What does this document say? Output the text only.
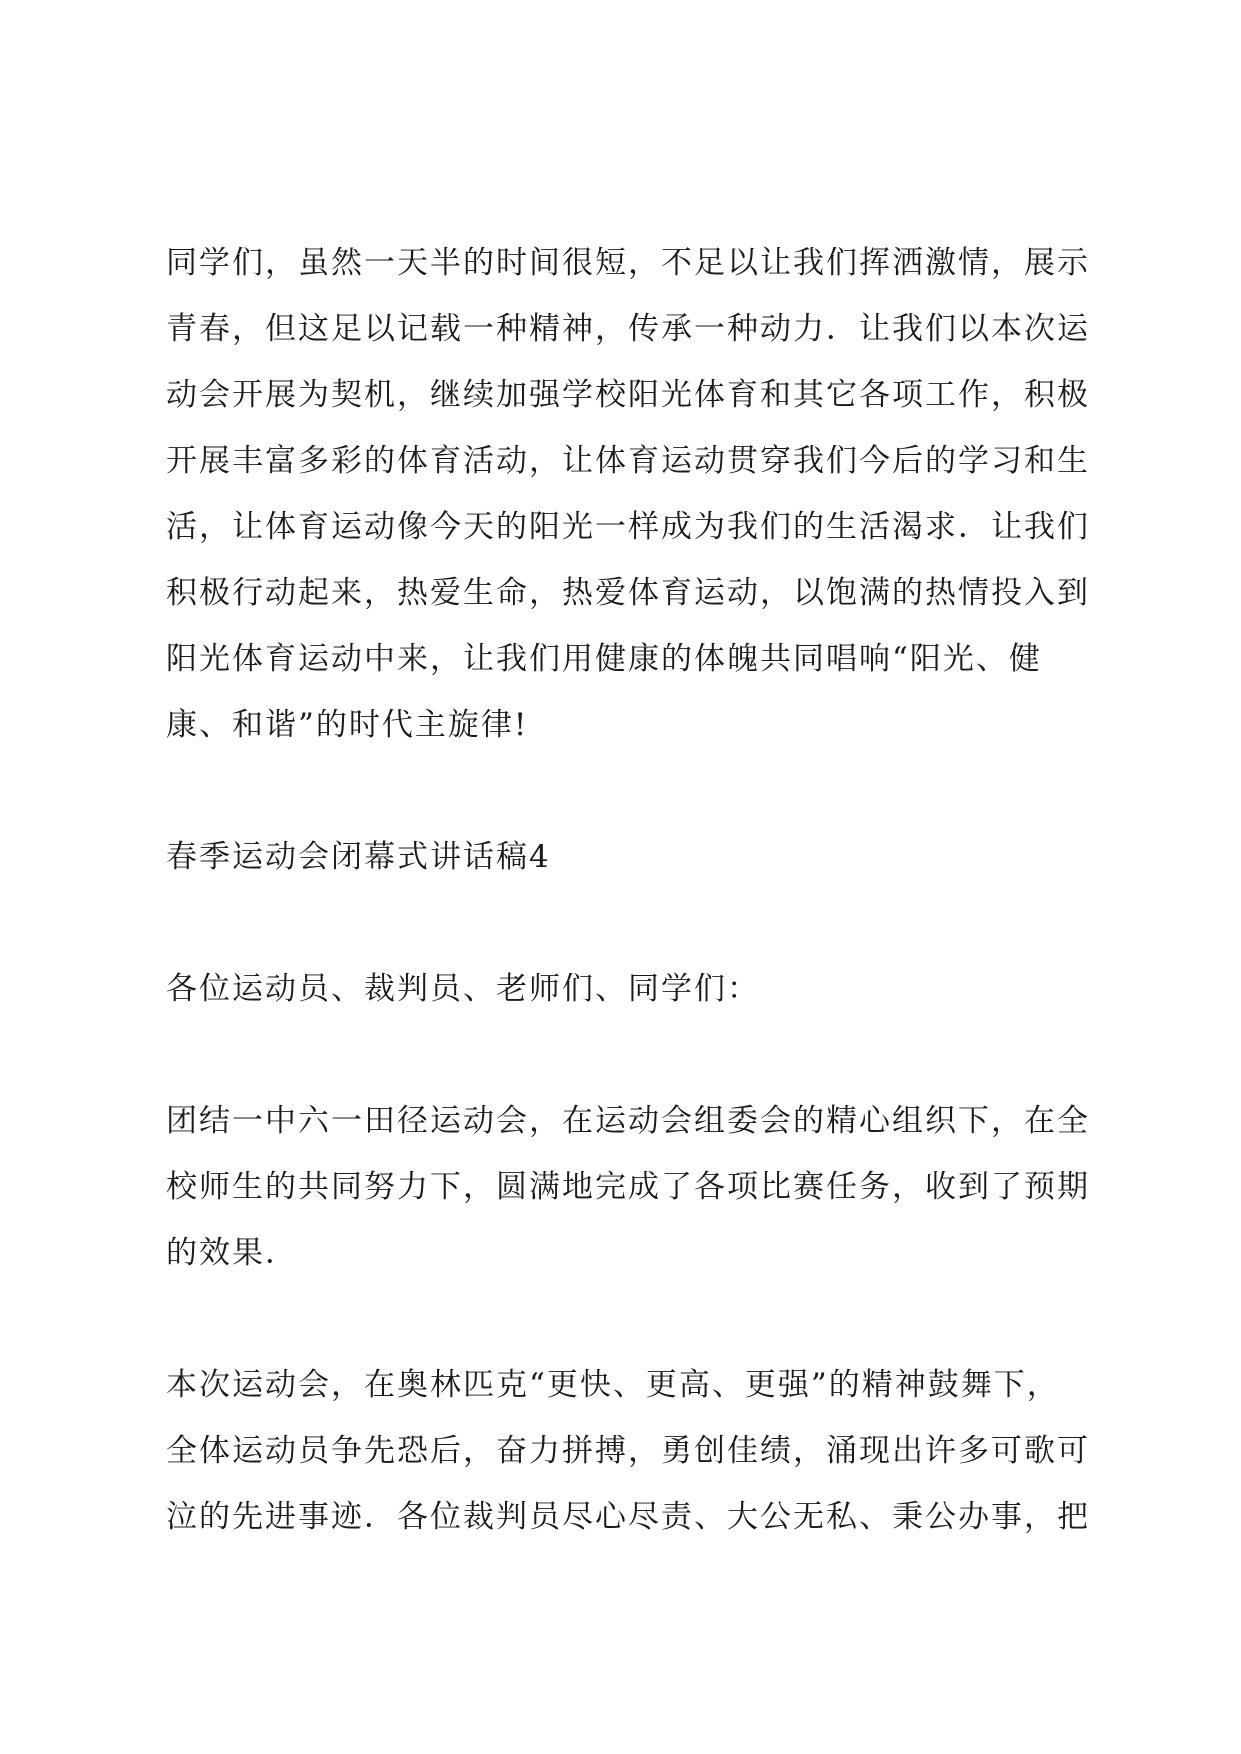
同学们，虽然一天半的时间很短，不足以让我们挥洒激情，展示
青春，但这足以记载一种精神，传承一种动力．让我们以本次运
动会开展为契机，继续加强学校阳光体育和其它各项工作，积极
开展丰富多彩的体育活动，让体育运动贯穿我们今后的学习和生
活，让体育运动像今天的阳光一样成为我们的生活渴求．让我们
积极行动起来，热爱生命，热爱体育运动，以饱满的热情投入到
阳光体育运动中来，让我们用健康的体魄共同唱响“阳光、健
康、和谐”的时代主旋律!
春季运动会闭幕式讲话稿4
各位运动员、裁判员、老师们、同学们：
团结一中六一田径运动会，在运动会组委会的精心组织下，在全
校师生的共同努力下，圆满地完成了各项比赛任务，收到了预期
的效果．
本次运动会，在奥林匹克“更快、更高、更强”的精神鼓舞下，
全体运动员争先恐后，奋力拼搏，勇创佳绩，涌现出许多可歌可
泣的先进事迹．各位裁判员尽心尽责、大公无私、秉公办事，把
